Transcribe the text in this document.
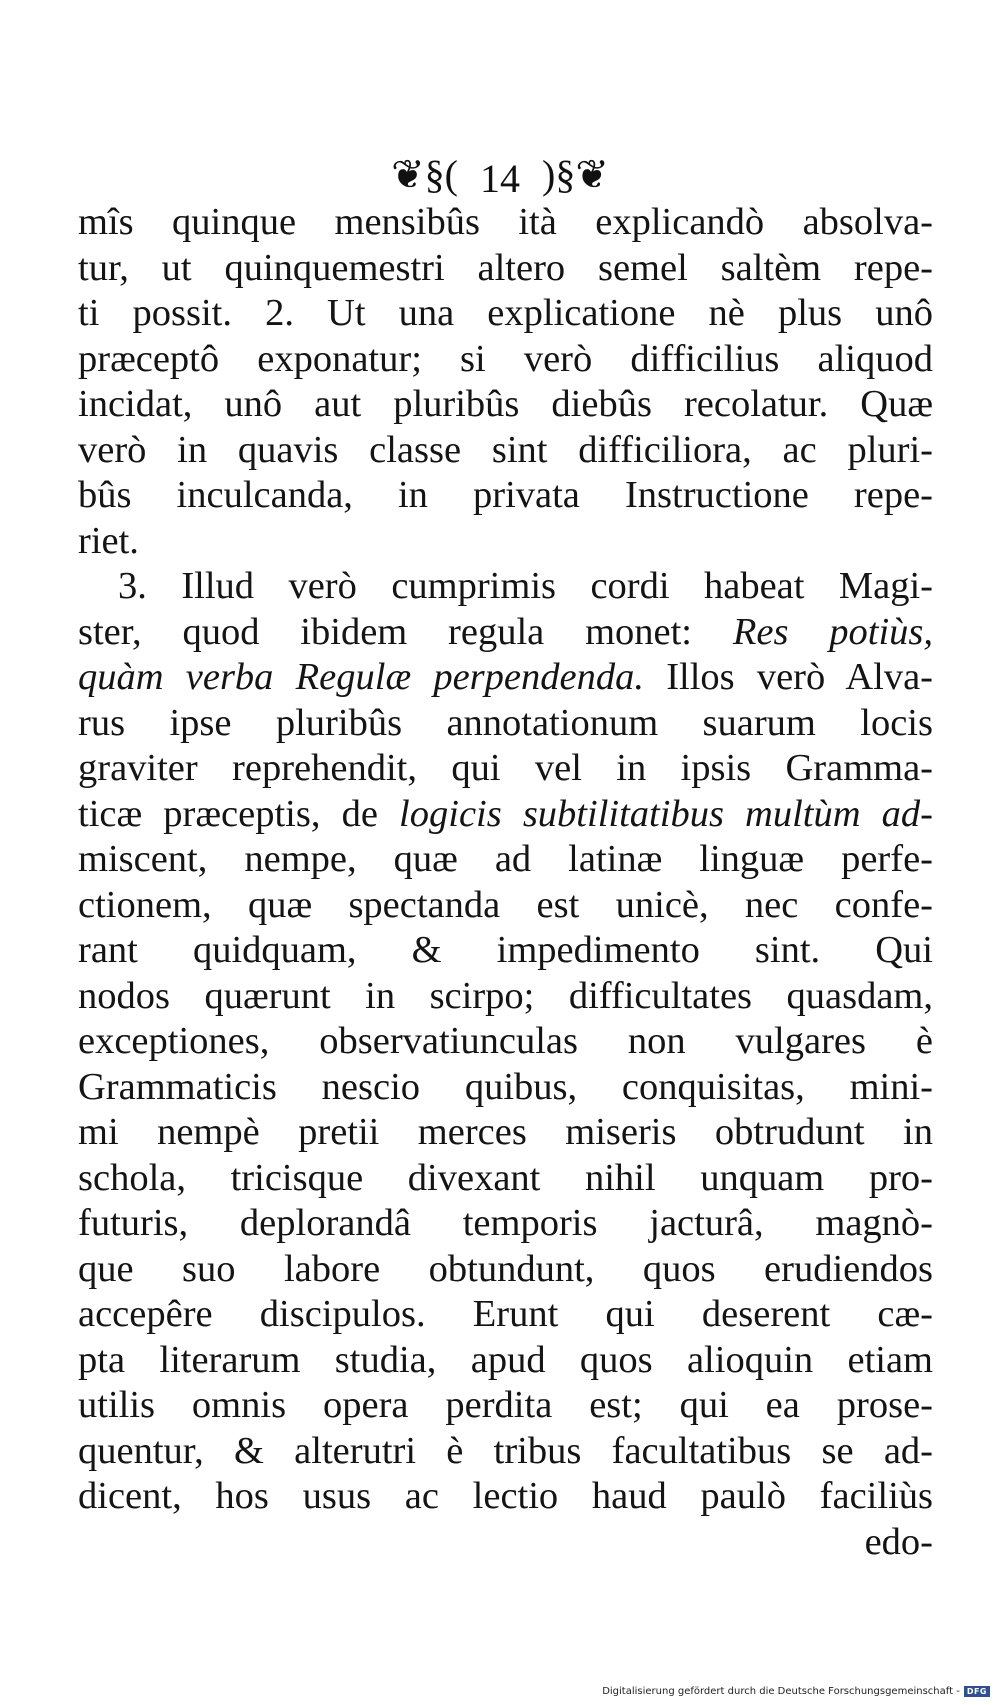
❦§( 14 )§❦
mîs quinque mensibûs ità explicandò absolva-
tur, ut quinquemestri altero semel saltèm repe-
ti possit. 2. Ut una explicatione nè plus unô
præceptô exponatur; si verò difficilius aliquod
incidat, unô aut pluribûs diebûs recolatur. Quæ
verò in quavis classe sint difficiliora, ac pluri-
bûs inculcanda, in privata Instructione repe-
riet.
3. Illud verò cumprimis cordi habeat Magi-
ster, quod ibidem regula monet: Res potiùs,
quàm verba Regulæ perpendenda. Illos verò Alva-
rus ipse pluribûs annotationum suarum locis
graviter reprehendit, qui vel in ipsis Gramma-
ticæ præceptis, de logicis subtilitatibus multùm ad-
miscent, nempe, quæ ad latinæ linguæ perfe-
ctionem, quæ spectanda est unicè, nec confe-
rant quidquam, & impedimento sint. Qui
nodos quærunt in scirpo; difficultates quasdam,
exceptiones, observatiunculas non vulgares è
Grammaticis nescio quibus, conquisitas, mini-
mi nempè pretii merces miseris obtrudunt in
schola, tricisque divexant nihil unquam pro-
futuris, deplorandâ temporis jacturâ, magnò-
que suo labore obtundunt, quos erudiendos
accepêre discipulos. Erunt qui deserent cæ-
pta literarum studia, apud quos alioquin etiam
utilis omnis opera perdita est; qui ea prose-
quentur, & alterutri è tribus facultatibus se ad-
dicent, hos usus ac lectio haud paulò faciliùs
edo-
Digitalisierung gefördert durch die Deutsche Forschungsgemeinschaft - DFG
